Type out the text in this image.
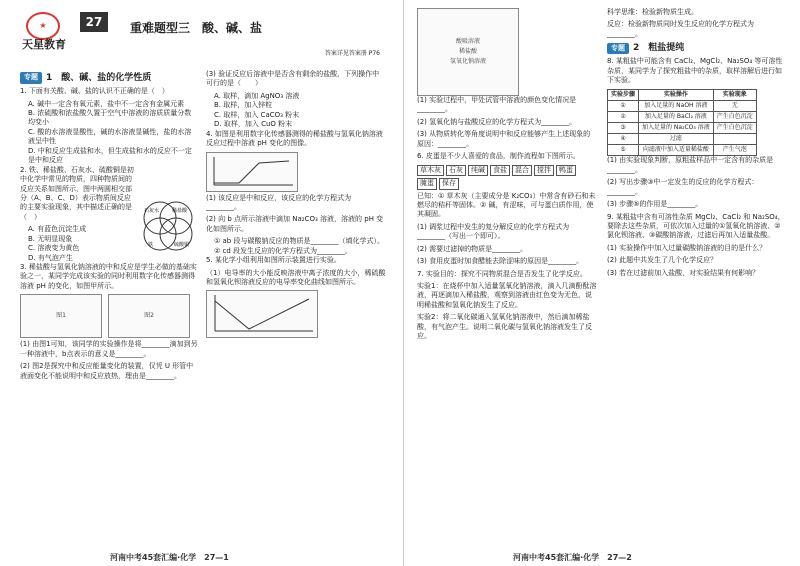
★
天星教育
27	重难题型三　酸、碱、盐
答案详见答案册 P76
专题 1　酸、碱、盐的化学性质
1. 下面有关酸、碱、盐的认识不正确的是（　）
A. 碱中一定含有氧元素，盐中不一定含有金属元素
B. 浓硫酸和浓盐酸久置于空气中溶液的溶质质量分数均变小
C. 酸的水溶液显酸性，碱的水溶液显碱性，盐的水溶液呈中性
D. 中和反应生成盐和水，但生成盐和水的反应不一定是中和反应
2. 铁、稀盐酸、石灰水、硫酸铜是初中化学中常见的物质，四种物质间的反应关系如图所示，图中两圆相交部分（A、B、C、D）表示物质间反应的主要实验现象，其中描述正确的是（　）
A. 有蓝色沉淀生成
B. 无明显现象
C. 溶液变为黄色
D. 有气泡产生
石灰水	稀盐酸
铁	硫酸铜
3. 稀盐酸与氢氧化钠溶液的中和反应是学生必做的基础实验之一，某同学完成该实验的同时利用数字化传感器测得溶液 pH 的变化，如图甲所示。
图1	图2
(1) 由图1可知，该同学的实验操作是将________滴加到另一种溶液中，b点表示的意义是________。
(2) 图2是探究中和反应能量变化的装置，仅凭 U 形管中液面变化不能说明中和反应放热，理由是________。
(3) 验证反应后溶液中是否含有剩余的盐酸，下列操作中可行的是（　　）
A. 取样，滴加 AgNO₃ 溶液
B. 取样，加入锌粒
C. 取样，加入 CaCO₃ 粉末
D. 取样，加入 CuO 粉末
4. 如图是利用数字化传感器测得的稀盐酸与氢氧化钠溶液反应过程中溶液 pH 变化的图像。
(1) 该反应是中和反应，该反应的化学方程式为________。
(2) 向 b 点所示溶液中滴加 Na₂CO₃ 溶液，溶液的 pH 变化如图所示。
① ab 段与碳酸钠反应的物质是________（填化学式）。
② cd 段发生反应的化学方程式为________。
5. 某化学小组利用如图所示装置进行实验。
（1）电导率的大小能反映溶液中离子浓度的大小，稀硫酸和氢氧化钡溶液反应的电导率变化曲线如图所示。
河南中考45套汇编·化学　27—1
酸吸溶液
稀盐酸
氢氧化钠溶液
(1) 实验过程中，甲处试管中溶液的颜色变化情况是________。
(2) 氢氧化钠与盐酸反应的化学方程式为________。
(3) 从物质转化等角度说明中和反应能够产生上述现象的原因：________。
6. 皮蛋是不少人喜爱的食品，制作流程如下图所示。
草木灰	石灰	纯碱	食盐	混合	搅拌	鸭蛋
腌蛋	保存
已知：① 草木灰（主要成分是 K₂CO₃）中常含有砂石和未燃尽的秸秆等固体。② 碱，有涩味，可与蛋白质作用，使其凝固。
(1) 调浆过程中发生的复分解反应的化学方程式为________（写出一个即可）。
(2) 需要过滤掉的物质是________。
(3) 食用皮蛋时加食醋能去除涩味的原因是________。
7. 实验目的：探究不同物质混合是否发生了化学反应。
实验1：在烧杯中加入适量氢氧化钠溶液，滴入几滴酚酞溶液，再逐滴加入稀盐酸，观察到溶液由红色变为无色，说明稀盐酸和氢氧化钠发生了反应。
实验2：将二氧化碳通入氢氧化钠溶液中，然后滴加稀盐酸，有气泡产生。说明二氧化碳与氢氧化钠溶液发生了反应。
科学思维：检验新物质生成。
反应：检验新物质同时发生反应的化学方程式为________。
专题 2　粗盐提纯
8. 某粗盐中可能含有 CaCl₂、MgCl₂、Na₂SO₄ 等可溶性杂质，某同学为了探究粗盐中的杂质，取样溶解后进行如下实验。
实验步骤	实验操作	实验现象
①	加入足量的 NaOH 溶液	无
②	加入足量的 BaCl₂ 溶液	产生白色沉淀
③	加入足量的 Na₂CO₃ 溶液	产生白色沉淀
④	过滤	
⑤	向滤液中加入适量稀盐酸	产生气泡
(1) 由实验现象判断，原粗盐样品中一定含有的杂质是________。
(2) 写出步骤③中一定发生的反应的化学方程式：________。
(3) 步骤⑤的作用是________。
9. 某粗盐中含有可溶性杂质 MgCl₂、CaCl₂ 和 Na₂SO₄，要除去这些杂质，可依次加入过量的①氢氧化钠溶液、②氯化钡溶液、③碳酸钠溶液，过滤后再加入适量盐酸。
(1) 实验操作中加入过量碳酸钠溶液的目的是什么？
(2) 此题中共发生了几个化学反应？
(3) 若在过滤前加入盐酸，对实验结果有何影响？
河南中考45套汇编·化学　27—2
